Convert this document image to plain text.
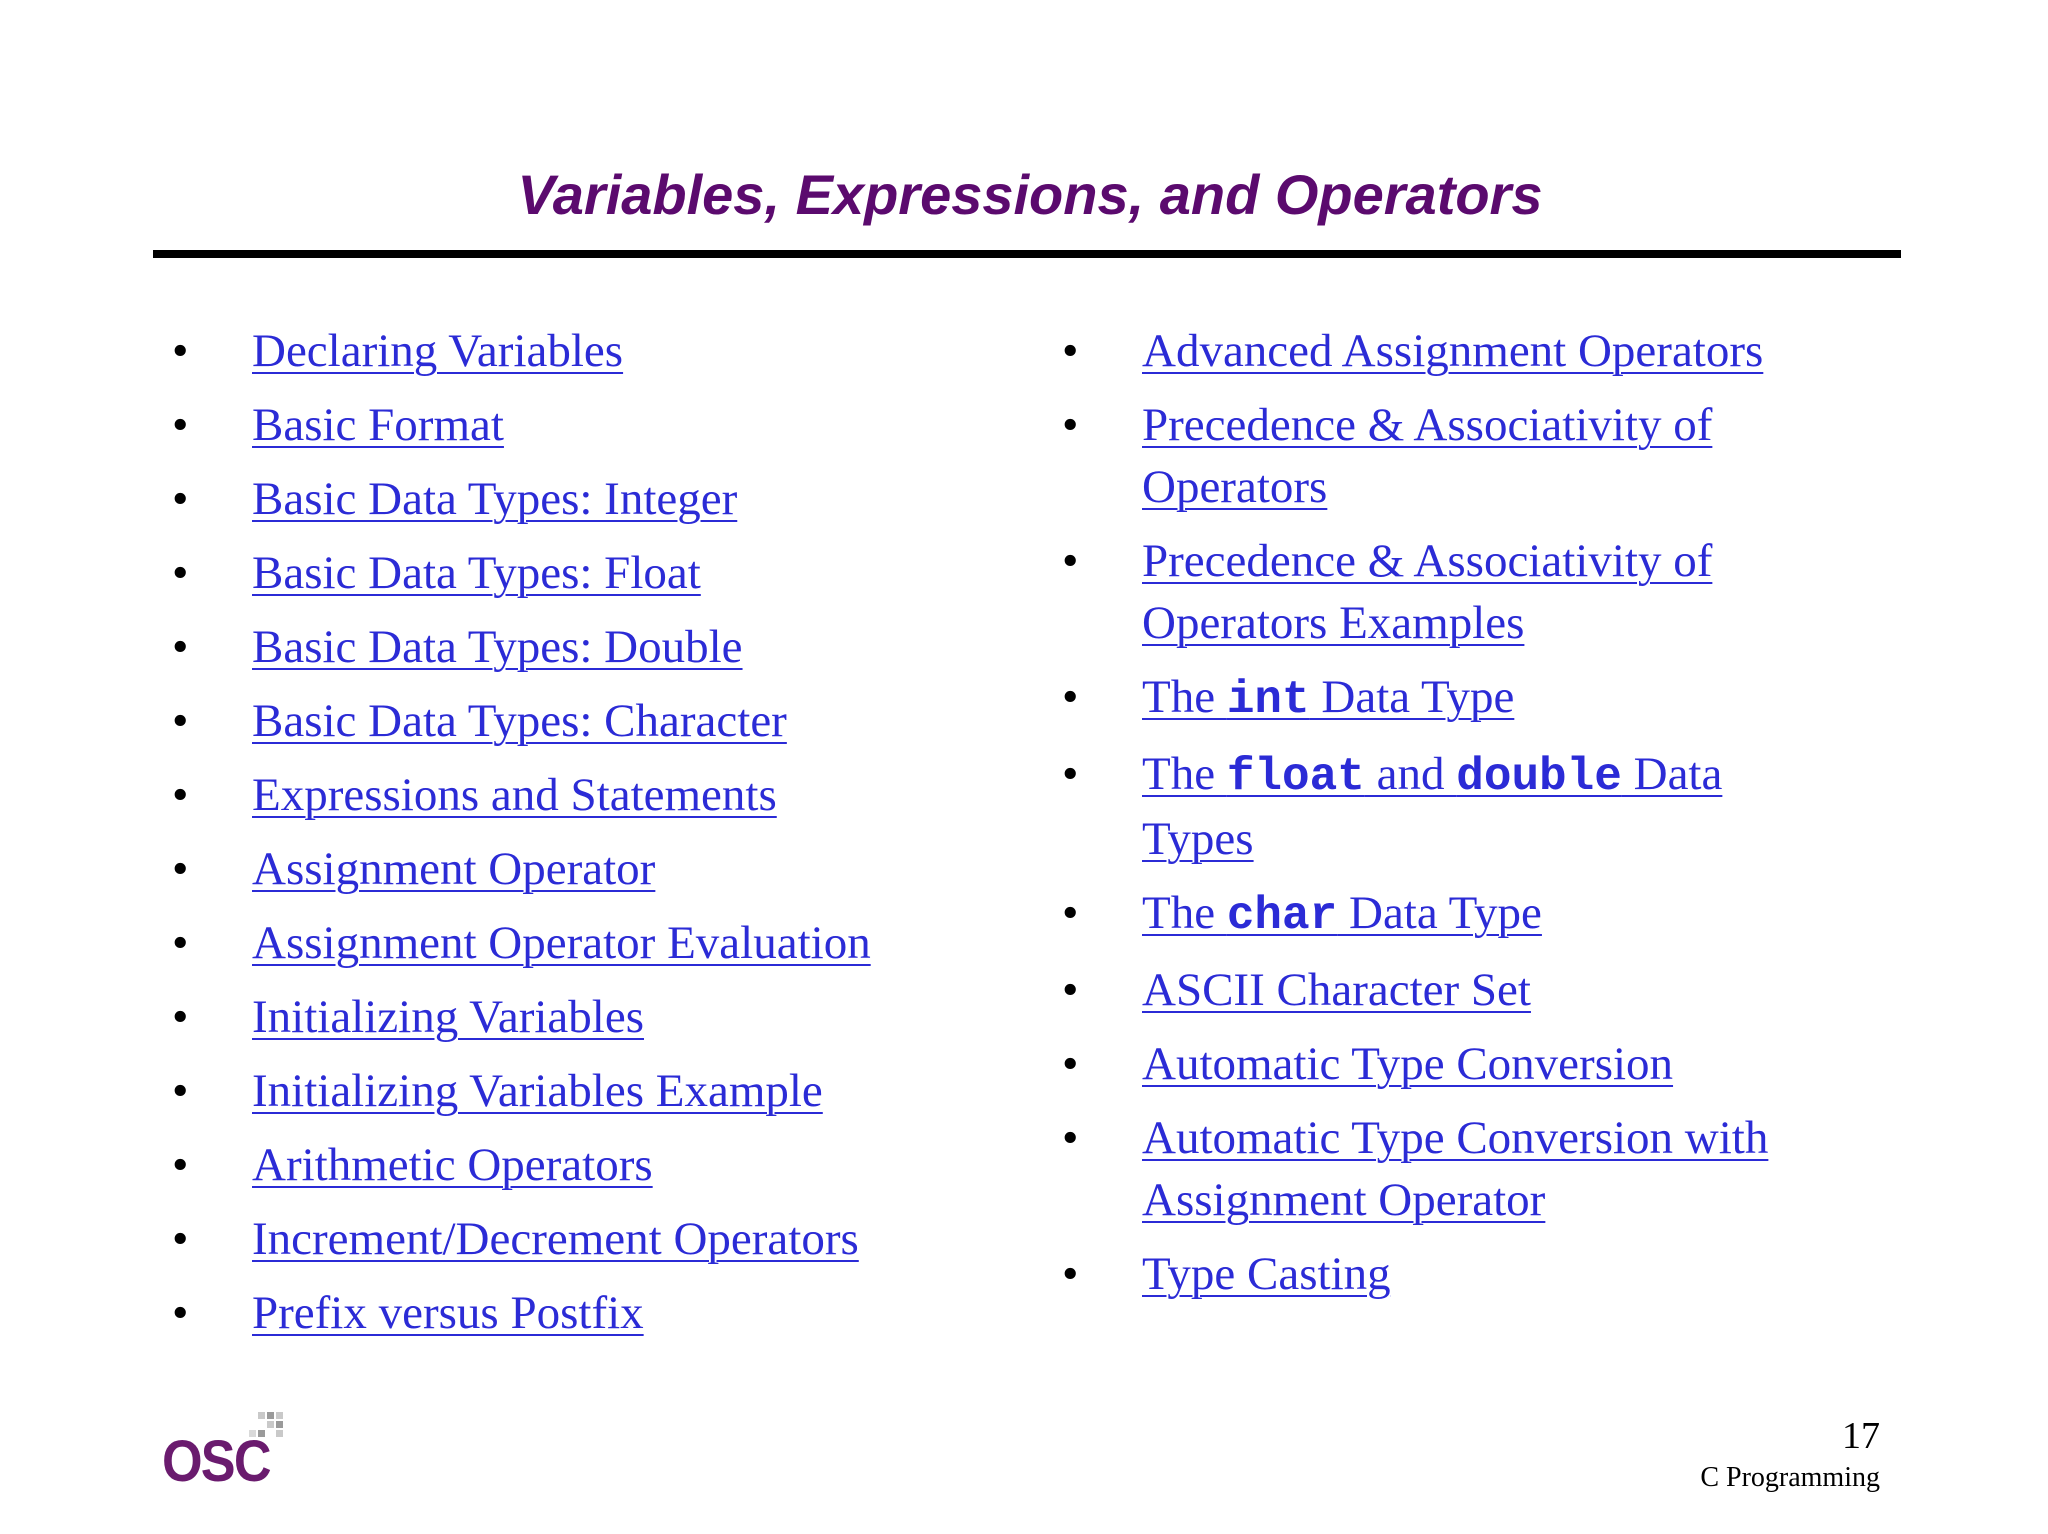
Variables, Expressions, and Operators
• Declaring Variables
• Basic Format
• Basic Data Types: Integer
• Basic Data Types: Float
• Basic Data Types: Double
• Basic Data Types: Character
• Expressions and Statements
• Assignment Operator
• Assignment Operator Evaluation
• Initializing Variables
• Initializing Variables Example
• Arithmetic Operators
• Increment/Decrement Operators
• Prefix versus Postfix
• Advanced Assignment Operators
• Precedence & Associativity of
Operators
• Precedence & Associativity of
Operators Examples
• The int Data Type
• The float and double Data
Types
• The char Data Type
• ASCII Character Set
• Automatic Type Conversion
• Automatic Type Conversion with
Assignment Operator
• Type Casting
OSC	17
C Programming
